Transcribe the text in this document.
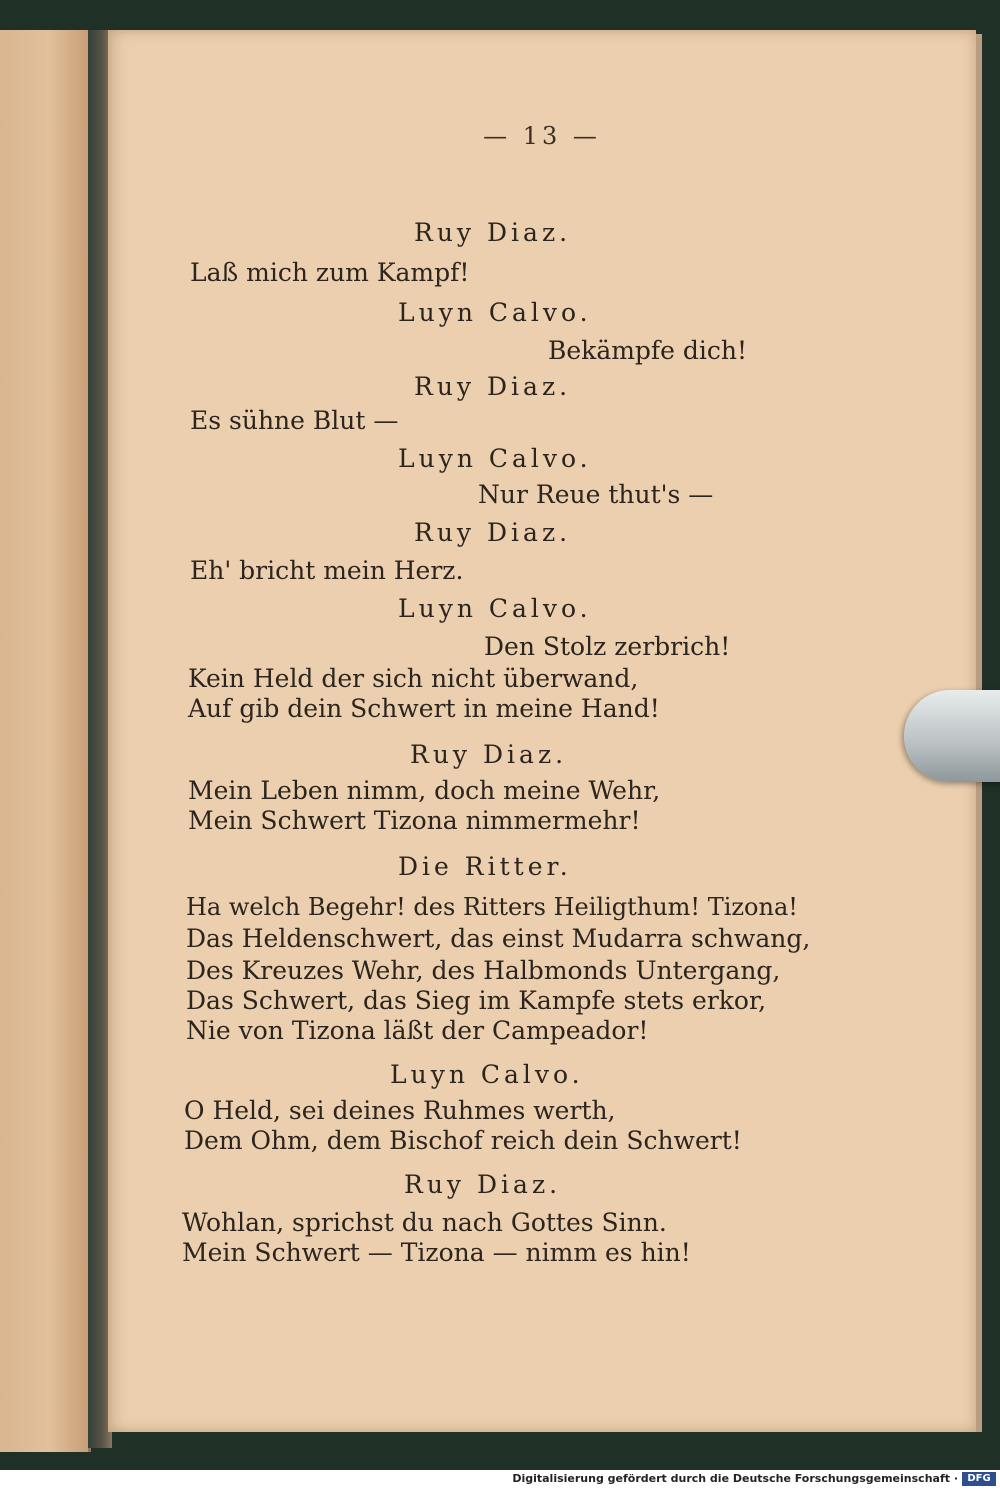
— 13 —
Ruy Diaz.
Laß mich zum Kampf!
Luyn Calvo.
Bekämpfe dich!
Ruy Diaz.
Es sühne Blut —
Luyn Calvo.
Nur Reue thut's —
Ruy Diaz.
Eh' bricht mein Herz.
Luyn Calvo.
Den Stolz zerbrich!
Kein Held der sich nicht überwand,
Auf gib dein Schwert in meine Hand!
Ruy Diaz.
Mein Leben nimm, doch meine Wehr,
Mein Schwert Tizona nimmermehr!
Die Ritter.
Ha welch Begehr! des Ritters Heiligthum! Tizona!
Das Heldenschwert, das einst Mudarra schwang,
Des Kreuzes Wehr, des Halbmonds Untergang,
Das Schwert, das Sieg im Kampfe stets erkor,
Nie von Tizona läßt der Campeador!
Luyn Calvo.
O Held, sei deines Ruhmes werth,
Dem Ohm, dem Bischof reich dein Schwert!
Ruy Diaz.
Wohlan, sprichst du nach Gottes Sinn.
Mein Schwert — Tizona — nimm es hin!
Digitalisierung gefördert durch die Deutsche Forschungsgemeinschaft · DFG
